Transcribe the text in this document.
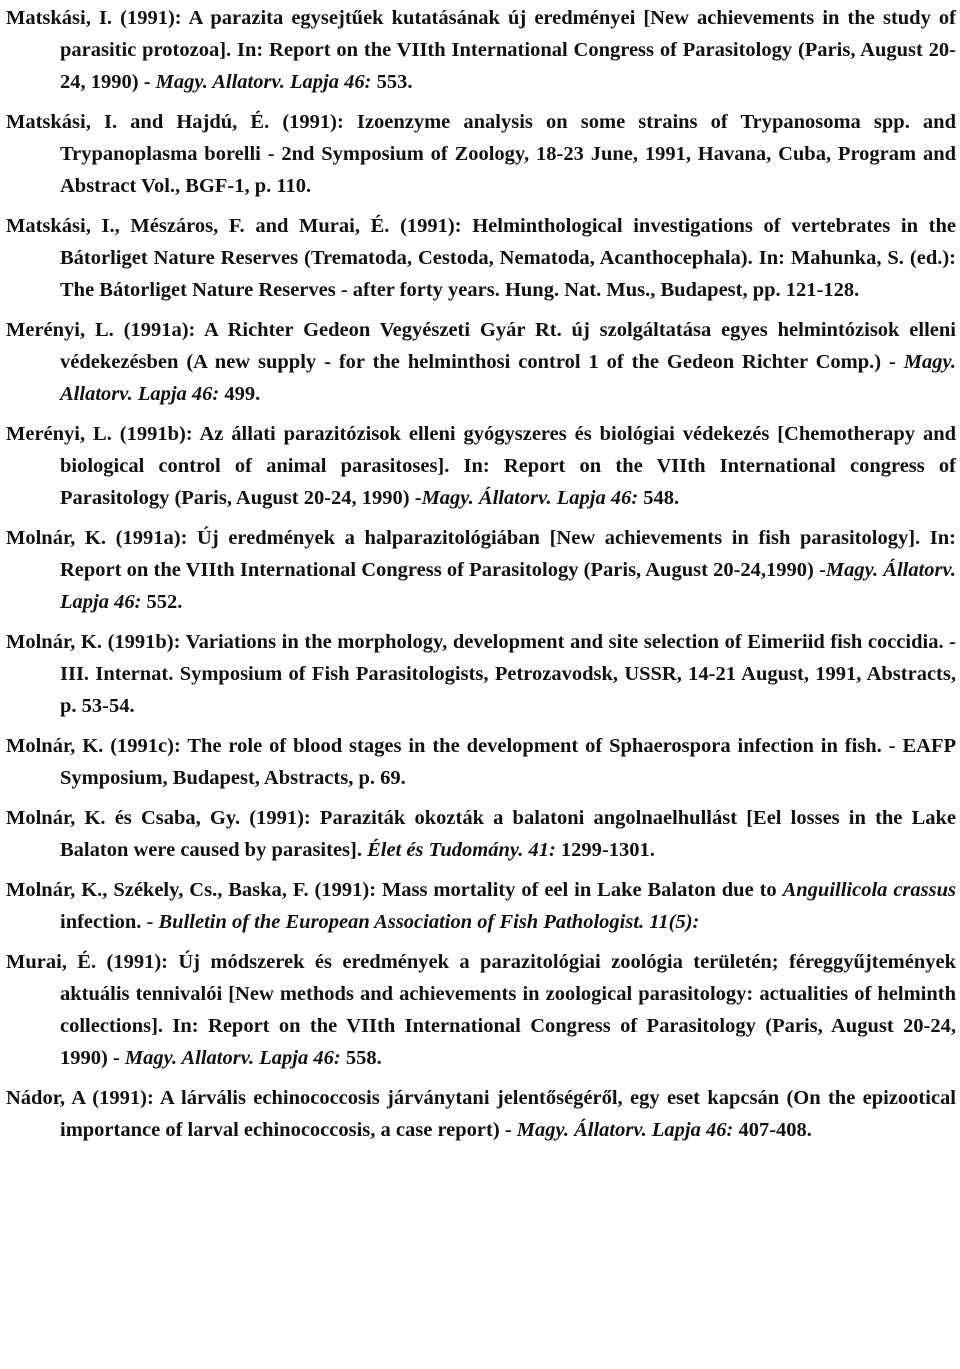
Matskási, I. (1991): A parazita egysejtűek kutatásának új eredményei [New achievements in the study of parasitic protozoa]. In: Report on the VIIth International Congress of Parasitology (Paris, August 20-24, 1990) - Magy. Allatorv. Lapja 46: 553.

Matskási, I. and Hajdú, É. (1991): Izoenzyme analysis on some strains of Trypanosoma spp. and Trypanoplasma borelli - 2nd Symposium of Zoology, 18-23 June, 1991, Havana, Cuba, Program and Abstract Vol., BGF-1, p. 110.

Matskási, I., Mészáros, F. and Murai, É. (1991): Helminthological investigations of vertebrates in the Bátorliget Nature Reserves (Trematoda, Cestoda, Nematoda, Acanthocephala). In: Mahunka, S. (ed.): The Bátorliget Nature Reserves - after forty years. Hung. Nat. Mus., Budapest, pp. 121-128.

Merényi, L. (1991a): A Richter Gedeon Vegyészeti Gyár Rt. új szolgáltatása egyes helmintózisok elleni védekezésben (A new supply - for the helminthosi control 1 of the Gedeon Richter Comp.) - Magy. Allatorv. Lapja 46: 499.

Merényi, L. (1991b): Az állati parazitózisok elleni gyógyszeres és biológiai védekezés [Chemotherapy and biological control of animal parasitoses]. In: Report on the VIIth International congress of Parasitology (Paris, August 20-24, 1990) -Magy. Állatorv. Lapja 46: 548.

Molnár, K. (1991a): Új eredmények a halparazitológiában [New achievements in fish parasitology]. In: Report on the VIIth International Congress of Parasitology (Paris, August 20-24,1990) -Magy. Állatorv. Lapja 46: 552.

Molnár, K. (1991b): Variations in the morphology, development and site selection of Eimeriid fish coccidia. - III. Internat. Symposium of Fish Parasitologists, Petrozavodsk, USSR, 14-21 August, 1991, Abstracts, p. 53-54.

Molnár, K. (1991c): The role of blood stages in the development of Sphaerospora infection in fish. - EAFP Symposium, Budapest, Abstracts, p. 69.

Molnár, K. és Csaba, Gy. (1991): Paraziták okozták a balatoni angolnaelhullást [Eel losses in the Lake Balaton were caused by parasites]. Élet és Tudomány. 41: 1299-1301.

Molnár, K., Székely, Cs., Baska, F. (1991): Mass mortality of eel in Lake Balaton due to Anguillicola crassus infection. - Bulletin of the European Association of Fish Pathologist. 11(5):

Murai, É. (1991): Új módszerek és eredmények a parazitológiai zoológia területén; féreggyűjtemények aktuális tennivalói [New methods and achievements in zoological parasitology: actualities of helminth collections]. In: Report on the VIIth International Congress of Parasitology (Paris, August 20-24, 1990) - Magy. Allatorv. Lapja 46: 558.

Nádor, A (1991): A lárvális echinococcosis járványtani jelentőségéről, egy eset kapcsán (On the epizootical importance of larval echinococcosis, a case report) - Magy. Állatorv. Lapja 46: 407-408.
